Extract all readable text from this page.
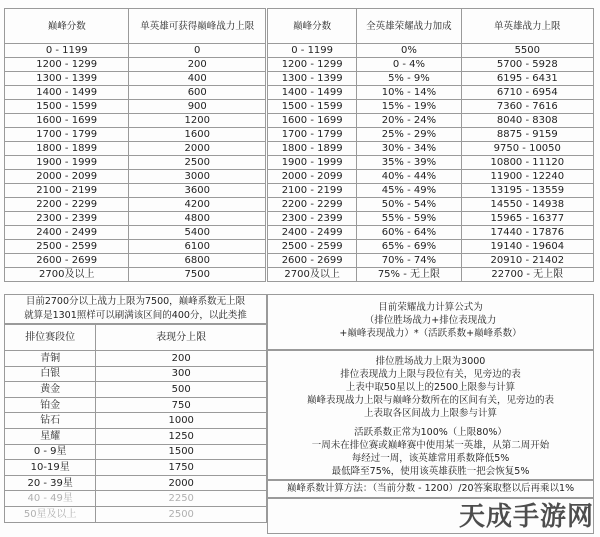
巅峰分数	单英雄可获得巅峰战力上限
0 - 1199	0
1200 - 1299	200
1300 - 1399	400
1400 - 1499	600
1500 - 1599	900
1600 - 1699	1200
1700 - 1799	1600
1800 - 1899	2000
1900 - 1999	2500
2000 - 2099	3000
2100 - 2199	3600
2200 - 2299	4200
2300 - 2399	4800
2400 - 2499	5400
2500 - 2599	6100
2600 - 2699	6800
2700及以上	7500
巅峰分数	全英雄荣耀战力加成	单英雄战力上限
0 - 1199	0%	5500
1200 - 1299	0 - 4%	5700 - 5928
1300 - 1399	5% - 9%	6195 - 6431
1400 - 1499	10% - 14%	6710 - 6954
1500 - 1599	15% - 19%	7360 - 7616
1600 - 1699	20% - 24%	8040 - 8308
1700 - 1799	25% - 29%	8875 - 9159
1800 - 1899	30% - 34%	9750 - 10050
1900 - 1999	35% - 39%	10800 - 11120
2000 - 2099	40% - 44%	11900 - 12240
2100 - 2199	45% - 49%	13195 - 13559
2200 - 2299	50% - 54%	14550 - 14938
2300 - 2399	55% - 59%	15965 - 16377
2400 - 2499	60% - 64%	17440 - 17876
2500 - 2599	65% - 69%	19140 - 19604
2600 - 2699	70% - 74%	20910 - 21402
2700及以上	75% - 无上限	22700 - 无上限
目前2700分以上战力上限为7500，巅峰系数无上限
就算是1301照样可以刷满该区间的400分，以此类推
目前荣耀战力计算公式为
（排位胜场战力+排位表现战力
+巅峰表现战力）*（活跃系数+巅峰系数）
排位赛段位	表现分上限
青铜	200
白银	300
黄金	500
铂金	750
钻石	1000
星耀	1250
0 - 9星	1500
10-19星	1750
20 - 39星	2000
40 - 49星	2250
50星及以上	2500
排位胜场战力上限为3000
排位表现战力上限与段位有关，见旁边的表
上表中取50星以上的2500上限参与计算
巅峰表现战力上限与巅峰分数所在的区间有关，见旁边的表
上表取各区间战力上限参与计算
活跃系数正常为100%（上限80%）
一周未在排位赛或巅峰赛中使用某一英雄，从第二周开始
每经过一周，该英雄常用系数降低5%
最低降至75%，使用该英雄获胜一把会恢复5%
巅峰系数计算方法：（当前分数 - 1200）/20答案取整以后再乘以1%
天成手游网
